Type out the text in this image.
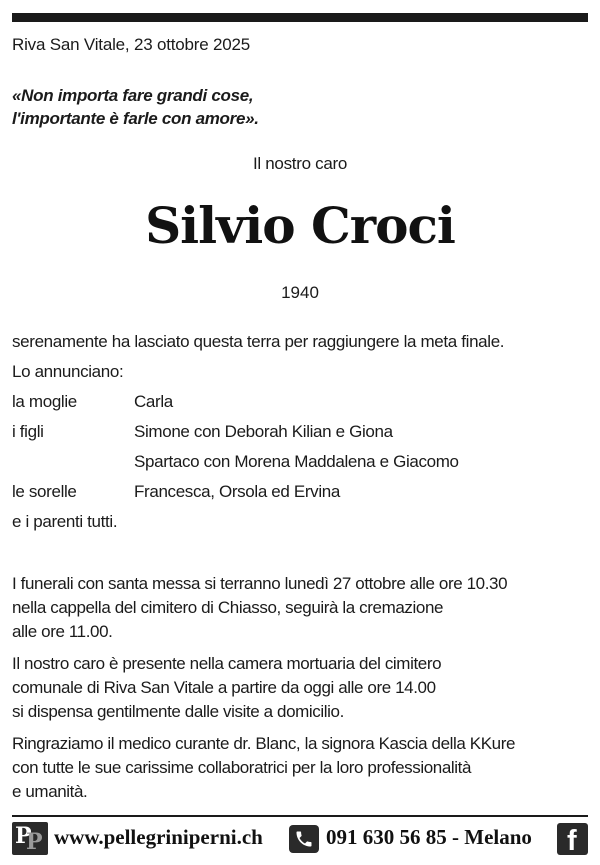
Riva San Vitale, 23 ottobre 2025
«Non importa fare grandi cose,
l'importante è farle con amore».
Il nostro caro
Silvio Croci
1940
serenamente ha lasciato questa terra per raggiungere la meta finale.
Lo annunciano:
la moglie	Carla
i figli	Simone con Deborah Kilian e Giona
Spartaco con Morena Maddalena e Giacomo
le sorelle	Francesca, Orsola ed Ervina
e i parenti tutti.
I funerali con santa messa si terranno lunedì 27 ottobre alle ore 10.30
nella cappella del cimitero di Chiasso, seguirà la cremazione
alle ore 11.00.
Il nostro caro è presente nella camera mortuaria del cimitero
comunale di Riva San Vitale a partire da oggi alle ore 14.00
si dispensa gentilmente dalle visite a domicilio.
Ringraziamo il medico curante dr. Blanc, la signora Kascia della KKure
con tutte le sue carissime collaboratrici per la loro professionalità
e umanità.
P
P www.pellegriniperni.ch	091 630 56 85 - Melano f
